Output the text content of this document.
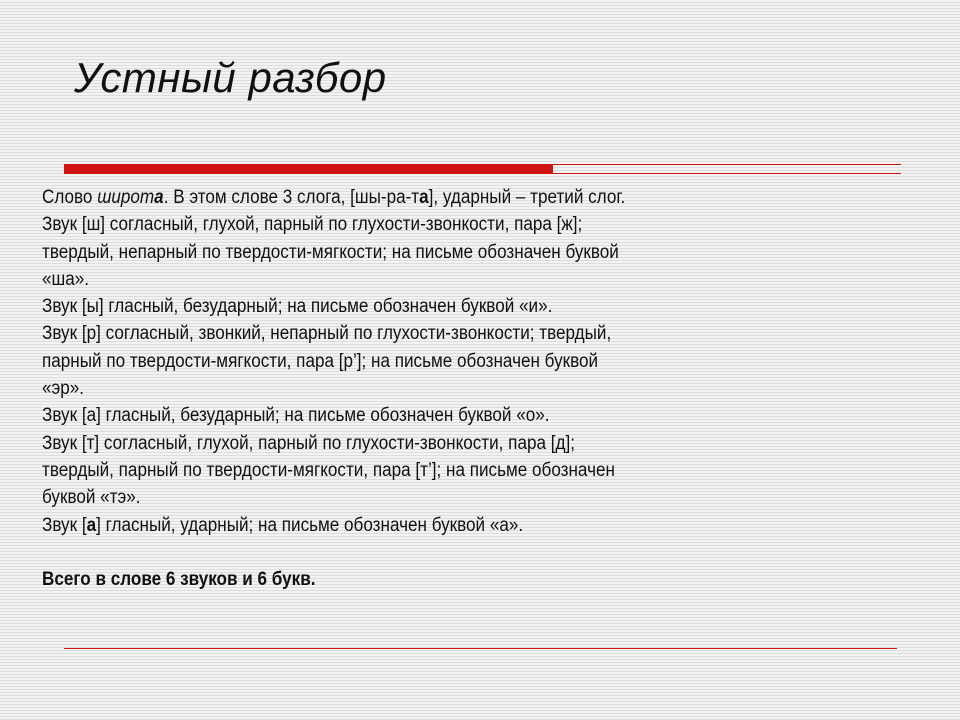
Устный разбор
Слово широта. В этом слове 3 слога, [шы-ра-та], ударный – третий слог.
Звук [ш] согласный, глухой, парный по глухости-звонкости, пара [ж];
твердый, непарный по твердости-мягкости; на письме обозначен буквой
«ша».
Звук [ы] гласный, безударный; на письме обозначен буквой «и».
Звук [р] согласный, звонкий, непарный по глухости-звонкости; твердый,
парный по твердости-мягкости, пара [р’]; на письме обозначен буквой
«эр».
Звук [а] гласный, безударный; на письме обозначен буквой «о».
Звук [т] согласный, глухой, парный по глухости-звонкости, пара [д];
твердый, парный по твердости-мягкости, пара [т’]; на письме обозначен
буквой «тэ».
Звук [а] гласный, ударный; на письме обозначен буквой «а».
Всего в слове 6 звуков и 6 букв.
